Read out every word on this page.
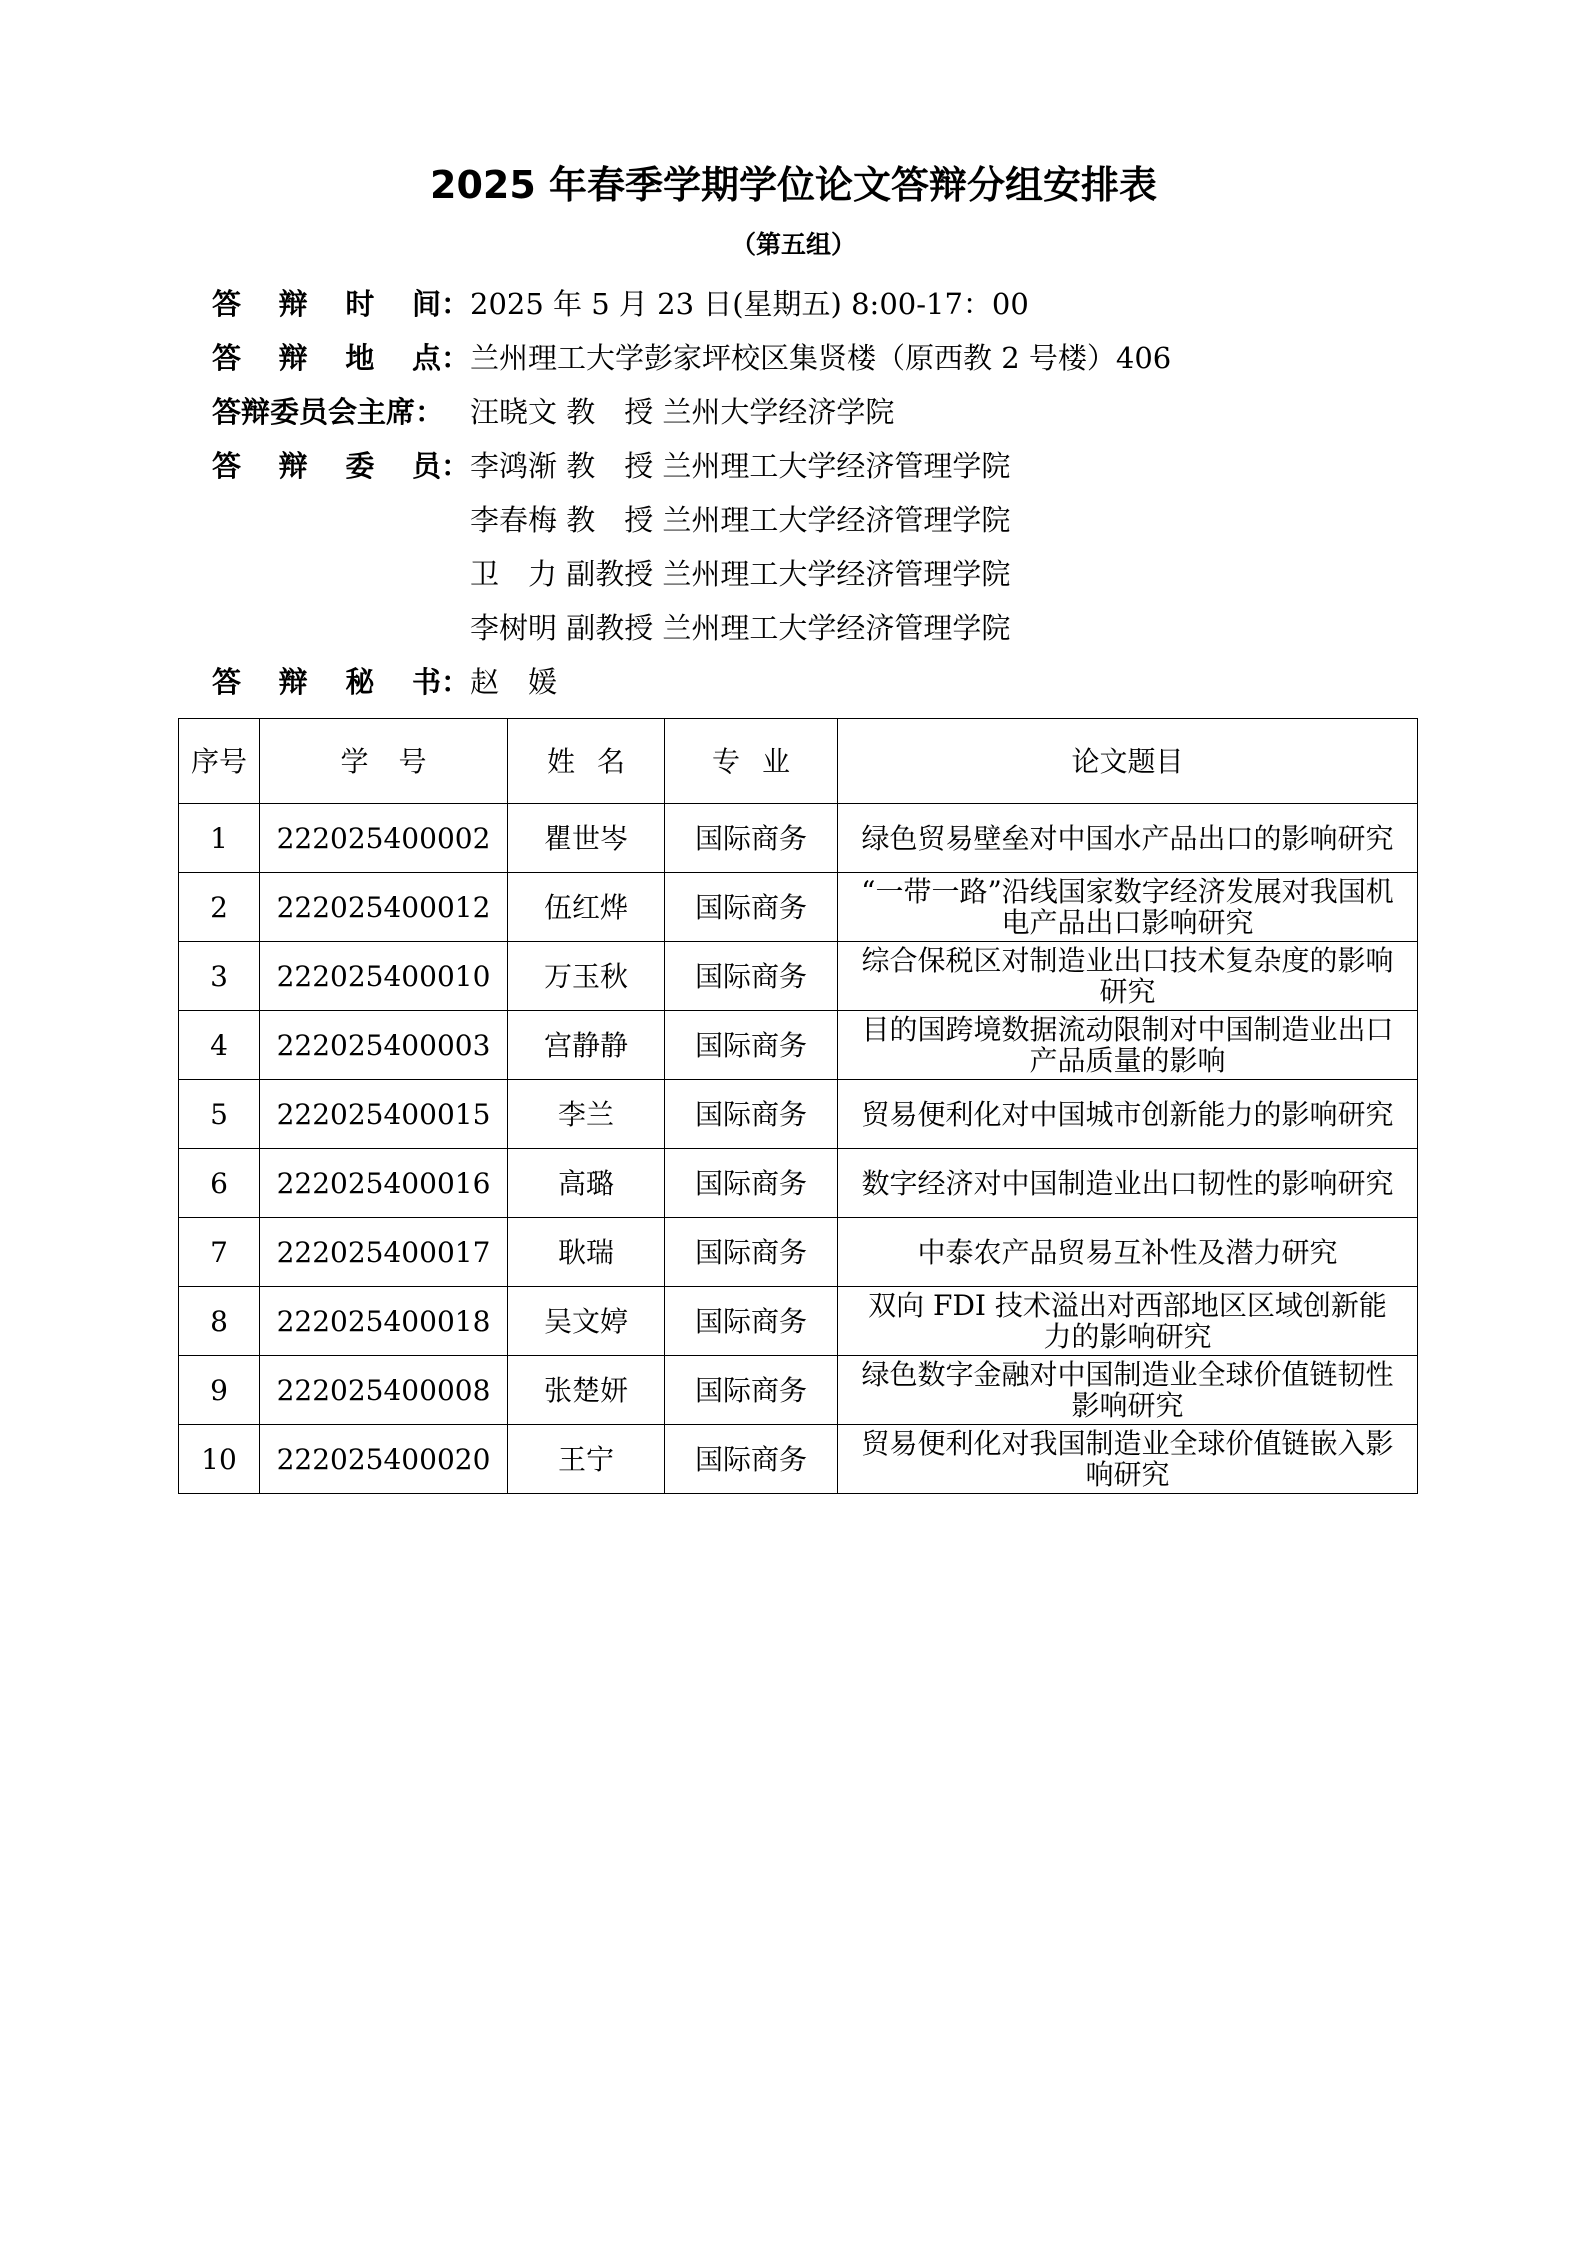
2025 年春季学期学位论文答辩分组安排表
（第五组）
答 辩 时 间： 2025 年 5 月 23 日(星期五) 8:00-17：00
答 辩 地 点： 兰州理工大学彭家坪校区集贤楼（原西教 2 号楼）406
答辩委员会主席： 汪晓文 教　授 兰州大学经济学院
答 辩 委 员： 李鸿渐 教　授 兰州理工大学经济管理学院
李春梅 教　授 兰州理工大学经济管理学院
卫　力 副教授 兰州理工大学经济管理学院
李树明 副教授 兰州理工大学经济管理学院
答 辩 秘 书： 赵　媛
序号	学号	姓名	专业	论文题目
1	222025400002	瞿世岑	国际商务	绿色贸易壁垒对中国水产品出口的影响研究
2	222025400012	伍红烨	国际商务	“一带一路”沿线国家数字经济发展对我国机电产品出口影响研究
3	222025400010	万玉秋	国际商务	综合保税区对制造业出口技术复杂度的影响研究
4	222025400003	宫静静	国际商务	目的国跨境数据流动限制对中国制造业出口产品质量的影响
5	222025400015	李兰	国际商务	贸易便利化对中国城市创新能力的影响研究
6	222025400016	高璐	国际商务	数字经济对中国制造业出口韧性的影响研究
7	222025400017	耿瑞	国际商务	中泰农产品贸易互补性及潜力研究
8	222025400018	吴文婷	国际商务	双向 FDI 技术溢出对西部地区区域创新能力的影响研究
9	222025400008	张楚妍	国际商务	绿色数字金融对中国制造业全球价值链韧性影响研究
10	222025400020	王宁	国际商务	贸易便利化对我国制造业全球价值链嵌入影响研究
